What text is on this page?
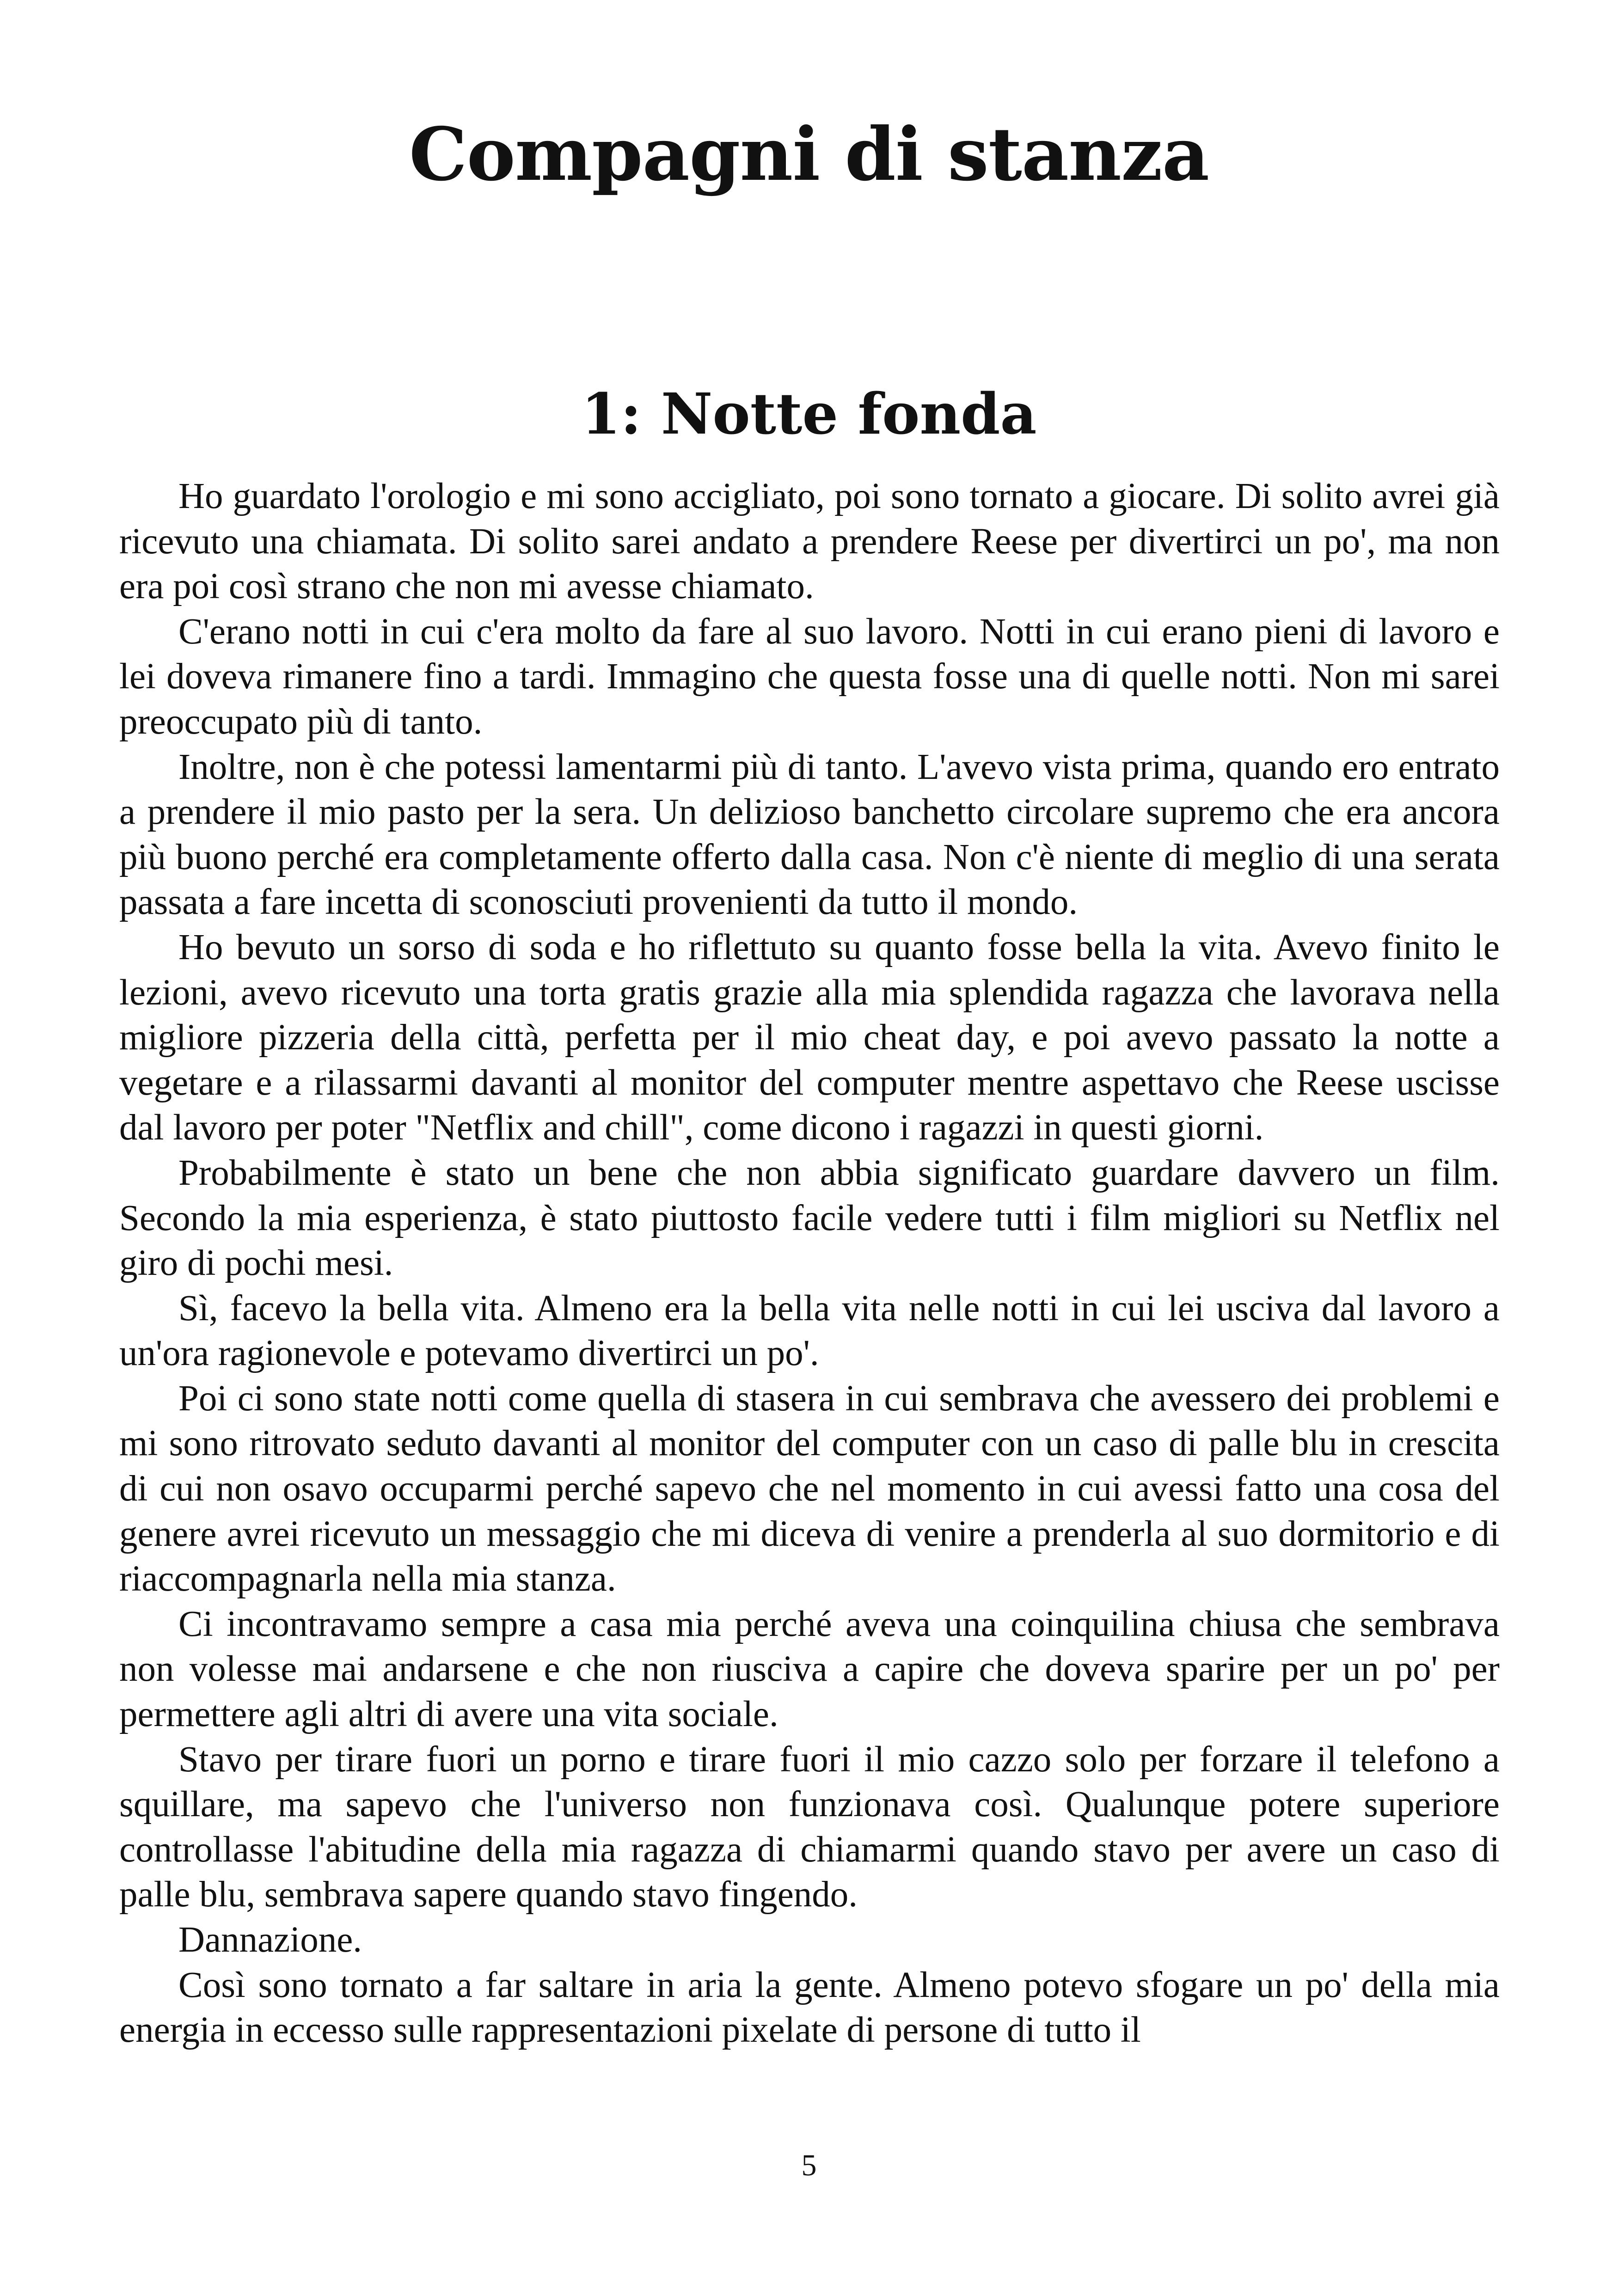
Compagni di stanza
1: Notte fonda

Ho guardato l'orologio e mi sono accigliato, poi sono tornato a giocare. Di solito avrei già ricevuto una chiamata. Di solito sarei andato a prendere Reese per divertirci un po', ma non era poi così strano che non mi avesse chiamato.

C'erano notti in cui c'era molto da fare al suo lavoro. Notti in cui erano pieni di lavoro e lei doveva rimanere fino a tardi. Immagino che questa fosse una di quelle notti. Non mi sarei preoccupato più di tanto.

Inoltre, non è che potessi lamentarmi più di tanto. L'avevo vista prima, quando ero entrato a prendere il mio pasto per la sera. Un delizioso banchetto circolare supremo che era ancora più buono perché era completamente offerto dalla casa. Non c'è niente di meglio di una serata passata a fare incetta di sconosciuti provenienti da tutto il mondo.

Ho bevuto un sorso di soda e ho riflettuto su quanto fosse bella la vita. Avevo finito le lezioni, avevo ricevuto una torta gratis grazie alla mia splendida ragazza che lavorava nella migliore pizzeria della città, perfetta per il mio cheat day, e poi avevo passato la notte a vegetare e a rilassarmi davanti al monitor del computer mentre aspettavo che Reese uscisse dal lavoro per poter "Netflix and chill", come dicono i ragazzi in questi giorni.

Probabilmente è stato un bene che non abbia significato guardare davvero un film. Secondo la mia esperienza, è stato piuttosto facile vedere tutti i film migliori su Netflix nel giro di pochi mesi.

Sì, facevo la bella vita. Almeno era la bella vita nelle notti in cui lei usciva dal lavoro a un'ora ragionevole e potevamo divertirci un po'.

Poi ci sono state notti come quella di stasera in cui sembrava che avessero dei problemi e mi sono ritrovato seduto davanti al monitor del computer con un caso di palle blu in crescita di cui non osavo occuparmi perché sapevo che nel momento in cui avessi fatto una cosa del genere avrei ricevuto un messaggio che mi diceva di venire a prenderla al suo dormitorio e di riaccompagnarla nella mia stanza.

Ci incontravamo sempre a casa mia perché aveva una coinquilina chiusa che sembrava non volesse mai andarsene e che non riusciva a capire che doveva sparire per un po' per permettere agli altri di avere una vita sociale.

Stavo per tirare fuori un porno e tirare fuori il mio cazzo solo per forzare il telefono a squillare, ma sapevo che l'universo non funzionava così. Qualunque potere superiore controllasse l'abitudine della mia ragazza di chiamarmi quando stavo per avere un caso di palle blu, sembrava sapere quando stavo fingendo.

Dannazione.

Così sono tornato a far saltare in aria la gente. Almeno potevo sfogare un po' della mia energia in eccesso sulle rappresentazioni pixelate di persone di tutto il

5
